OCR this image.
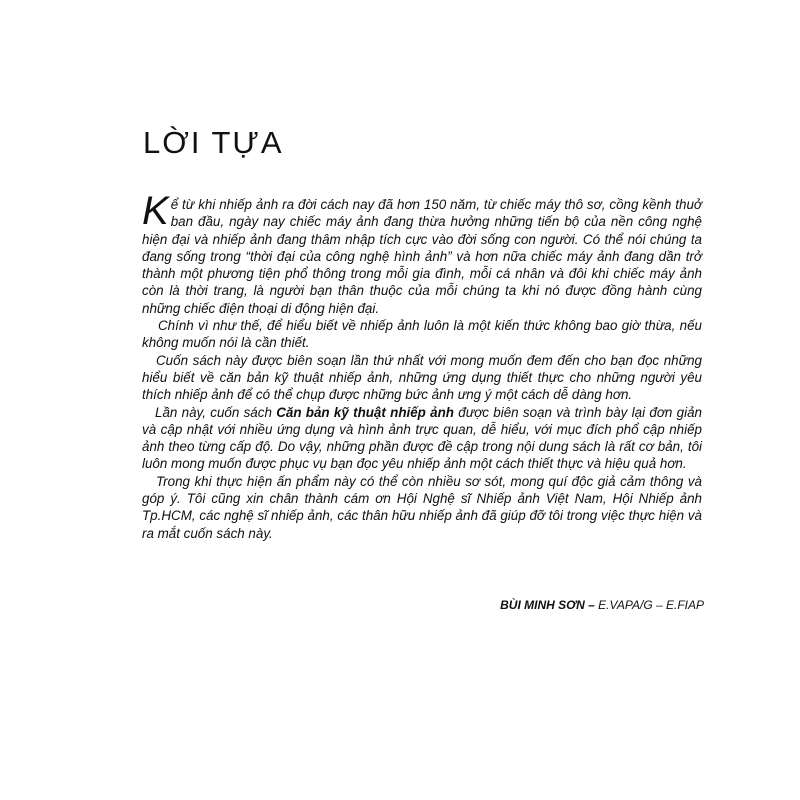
LỜI TỰA

Kể từ khi nhiếp ảnh ra đời cách nay đã hơn 150 năm, từ chiếc máy thô sơ, cồng kềnh thuở ban đầu, ngày nay chiếc máy ảnh đang thừa hưởng những tiến bộ của nền công nghệ hiện đại và nhiếp ảnh đang thâm nhập tích cực vào đời sống con người. Có thể nói chúng ta đang sống trong “thời đại của công nghệ hình ảnh” và hơn nữa chiếc máy ảnh đang dần trở thành một phương tiện phổ thông trong mỗi gia đình, mỗi cá nhân và đôi khi chiếc máy ảnh còn là thời trang, là người bạn thân thuộc của mỗi chúng ta khi nó được đồng hành cùng những chiếc điện thoại di động hiện đại.

Chính vì như thế, để hiểu biết về nhiếp ảnh luôn là một kiến thức không bao giờ thừa, nếu không muốn nói là cần thiết.

Cuốn sách này được biên soạn lần thứ nhất với mong muốn đem đến cho bạn đọc những hiểu biết về căn bản kỹ thuật nhiếp ảnh, những ứng dụng thiết thực cho những người yêu thích nhiếp ảnh để có thể chụp được những bức ảnh ưng ý một cách dễ dàng hơn.

Lần này, cuốn sách Căn bản kỹ thuật nhiếp ảnh được biên soạn và trình bày lại đơn giản và cập nhật với nhiều ứng dụng và hình ảnh trực quan, dễ hiểu, với mục đích phổ cập nhiếp ảnh theo từng cấp độ. Do vậy, những phần được đề cập trong nội dung sách là rất cơ bản, tôi luôn mong muốn được phục vụ bạn đọc yêu nhiếp ảnh một cách thiết thực và hiệu quả hơn.

Trong khi thực hiện ấn phẩm này có thể còn nhiều sơ sót, mong quí độc giả cảm thông và góp ý. Tôi cũng xin chân thành cám ơn Hội Nghệ sĩ Nhiếp ảnh Việt Nam, Hội Nhiếp ảnh Tp.HCM, các nghệ sĩ nhiếp ảnh, các thân hữu nhiếp ảnh đã giúp đỡ tôi trong việc thực hiện và ra mắt cuốn sách này.

BÙI MINH SƠN – E.VAPA/G – E.FIAP
